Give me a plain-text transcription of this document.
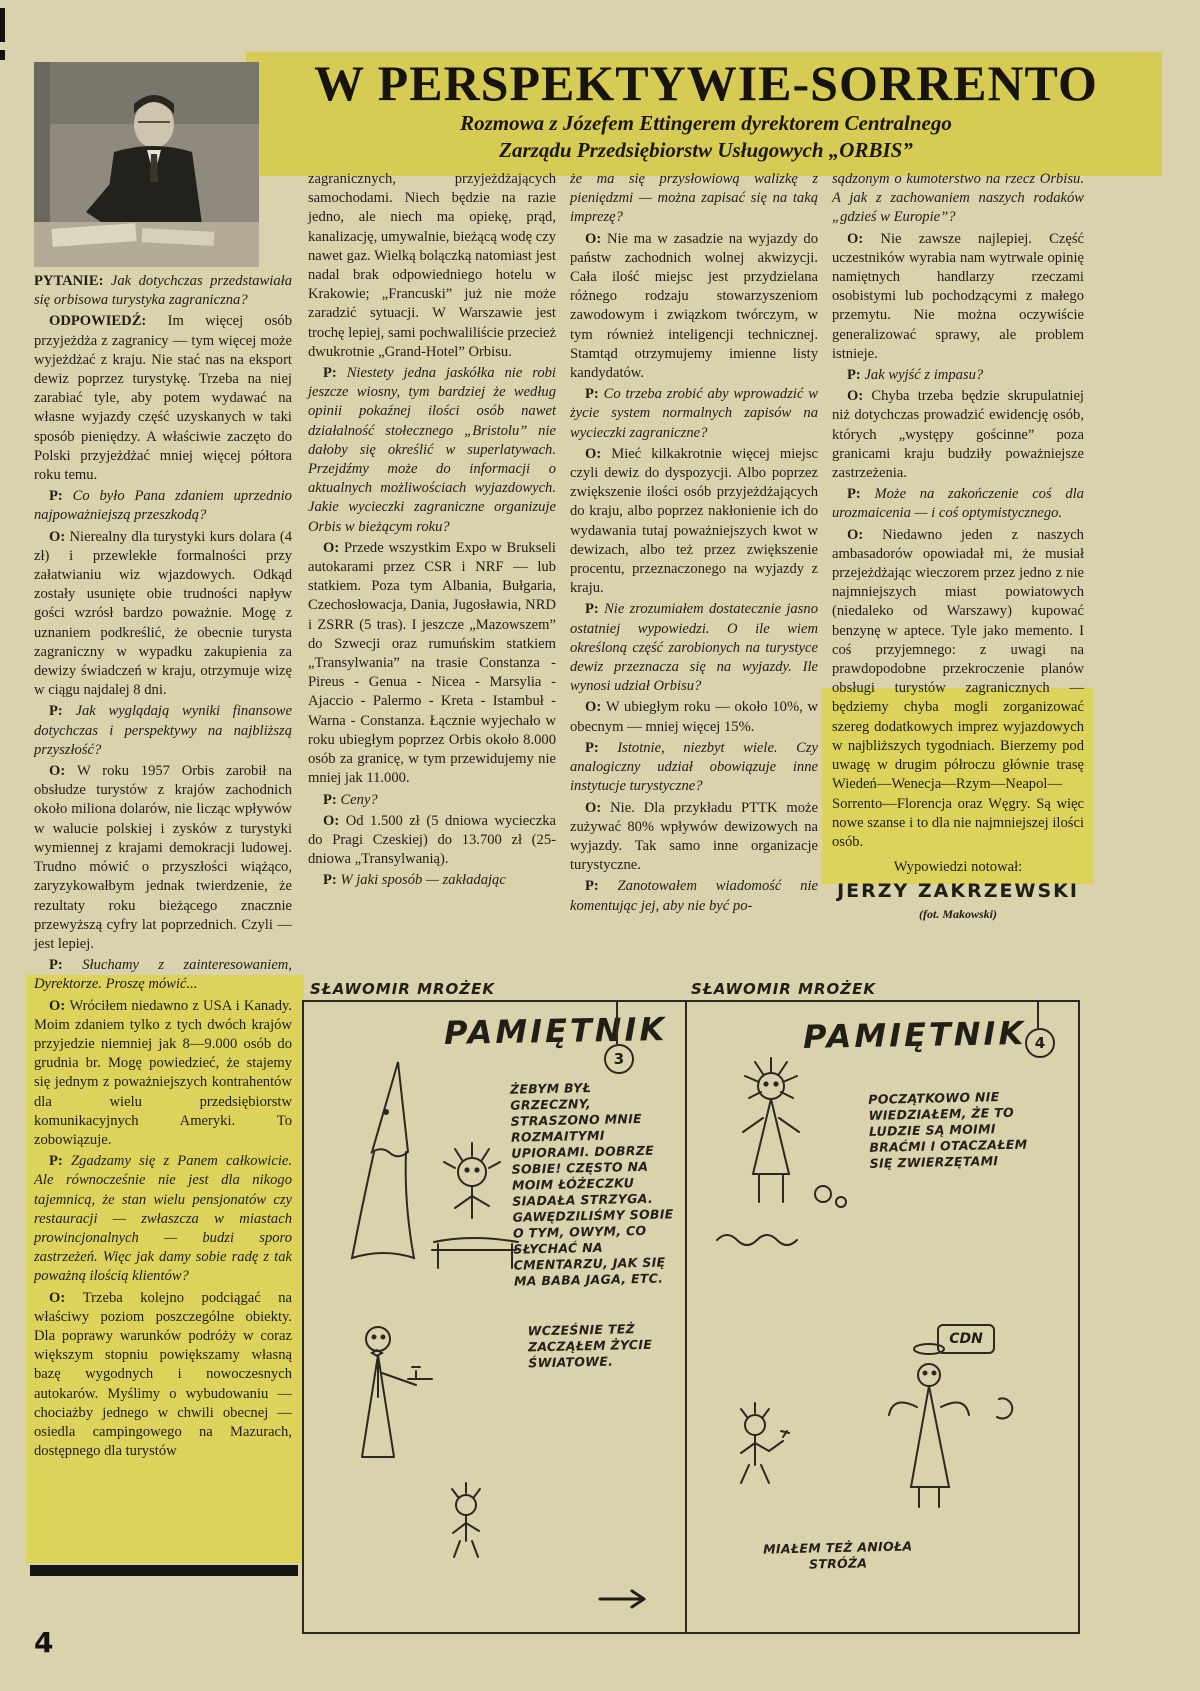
W PERSPEKTYWIE-SORRENTO
Rozmowa z Józefem Ettingerem dyrektorem Centralnego
Zarządu Przedsiębiorstw Usługowych „ORBIS”

PYTANIE: Jak dotychczas przedstawiała się orbisowa turystyka zagraniczna?

ODPOWIEDŹ: Im więcej osób przyjeżdża z zagranicy — tym więcej może wyjeżdżać z kraju. Nie stać nas na eksport dewiz poprzez turystykę. Trzeba na niej zarabiać tyle, aby potem wydawać na własne wyjazdy część uzyskanych w taki sposób pieniędzy. A właściwie zaczęto do Polski przyjeżdżać mniej więcej półtora roku temu.

P: Co było Pana zdaniem uprzednio najpoważniejszą przeszkodą?

O: Nierealny dla turystyki kurs dolara (4 zł) i przewlekłe formalności przy załatwianiu wiz wjazdowych. Odkąd zostały usunięte obie trudności napływ gości wzrósł bardzo poważnie. Mogę z uznaniem podkreślić, że obecnie turysta zagraniczny w wypadku zakupienia za dewizy świadczeń w kraju, otrzymuje wizę w ciągu najdalej 8 dni.

P: Jak wyglądają wyniki finansowe dotychczas i perspektywy na najbliższą przyszłość?

O: W roku 1957 Orbis zarobił na obsłudze turystów z krajów zachodnich około miliona dolarów, nie licząc wpływów w walucie polskiej i zysków z turystyki wymiennej z krajami demokracji ludowej. Trudno mówić o przyszłości wiążąco, zaryzykowałbym jednak twierdzenie, że rezultaty roku bieżącego znacznie przewyższą cyfry lat poprzednich. Czyli — jest lepiej.

P: Słuchamy z zainteresowaniem, Dyrektorze. Proszę mówić...

O: Wróciłem niedawno z USA i Kanady. Moim zdaniem tylko z tych dwóch krajów przyjedzie niemniej jak 8—9.000 osób do grudnia br. Mogę powiedzieć, że stajemy się jednym z poważniejszych kontrahentów dla wielu przedsiębiorstw komunikacyjnych Ameryki. To zobowiązuje.

P: Zgadzamy się z Panem całkowicie. Ale równocześnie nie jest dla nikogo tajemnicą, że stan wielu pensjonatów czy restauracji — zwłaszcza w miastach prowincjonalnych — budzi sporo zastrzeżeń. Więc jak damy sobie radę z tak poważną ilością klientów?

O: Trzeba kolejno podciągać na właściwy poziom poszczególne obiekty. Dla poprawy warunków podróży w coraz większym stopniu powiększamy własną bazę wygodnych i nowoczesnych autokarów. Myślimy o wybudowaniu — chociażby jednego w chwili obecnej — osiedla campingowego na Mazurach, dostępnego dla turystów

zagranicznych, przyjeżdżających samochodami. Niech będzie na razie jedno, ale niech ma opiekę, prąd, kanalizację, umywalnie, bieżącą wodę czy nawet gaz. Wielką bolączką natomiast jest nadal brak odpowiedniego hotelu w Krakowie; „Francuski” już nie może zaradzić sytuacji. W Warszawie jest trochę lepiej, sami pochwaliliście przecież dwukrotnie „Grand-Hotel” Orbisu.

P: Niestety jedna jaskółka nie robi jeszcze wiosny, tym bardziej że według opinii pokaźnej ilości osób nawet działalność stołecznego „Bristolu” nie dałoby się określić w superlatywach. Przejdźmy może do informacji o aktualnych możliwościach wyjazdowych. Jakie wycieczki zagraniczne organizuje Orbis w bieżącym roku?

O: Przede wszystkim Expo w Brukseli autokarami przez CSR i NRF — lub statkiem. Poza tym Albania, Bułgaria, Czechosłowacja, Dania, Jugosławia, NRD i ZSRR (5 tras). I jeszcze „Mazowszem” do Szwecji oraz rumuńskim statkiem „Transylwania” na trasie Constanza - Pireus - Genua - Nicea - Marsylia - Ajaccio - Palermo - Kreta - Istambuł - Warna - Constanza. Łącznie wyjechało w roku ubiegłym poprzez Orbis około 8.000 osób za granicę, w tym przewidujemy nie mniej jak 11.000.

P: Ceny?

O: Od 1.500 zł (5 dniowa wycieczka do Pragi Czeskiej) do 13.700 zł (25-dniowa „Transylwanią).

P: W jaki sposób — zakładając

że ma się przysłowiową walizkę z pieniędzmi — można zapisać się na taką imprezę?

O: Nie ma w zasadzie na wyjazdy do państw zachodnich wolnej akwizycji. Cała ilość miejsc jest przydzielana różnego rodzaju stowarzyszeniom zawodowym i związkom twórczym, w tym również inteligencji technicznej. Stamtąd otrzymujemy imienne listy kandydatów.

P: Co trzeba zrobić aby wprowadzić w życie system normalnych zapisów na wycieczki zagraniczne?

O: Mieć kilkakrotnie więcej miejsc czyli dewiz do dyspozycji. Albo poprzez zwiększenie ilości osób przyjeżdżających do kraju, albo poprzez nakłonienie ich do wydawania tutaj poważniejszych kwot w dewizach, albo też przez zwiększenie procentu, przeznaczonego na wyjazdy z kraju.

P: Nie zrozumiałem dostatecznie jasno ostatniej wypowiedzi. O ile wiem określoną część zarobionych na turystyce dewiz przeznacza się na wyjazdy. Ile wynosi udział Orbisu?

O: W ubiegłym roku — około 10%, w obecnym — mniej więcej 15%.

P: Istotnie, niezbyt wiele. Czy analogiczny udział obowiązuje inne instytucje turystyczne?

O: Nie. Dla przykładu PTTK może zużywać 80% wpływów dewizowych na wyjazdy. Tak samo inne organizacje turystyczne.

P: Zanotowałem wiadomość nie komentując jej, aby nie być po-

sądzonym o kumoterstwo na rzecz Orbisu. A jak z zachowaniem naszych rodaków „gdzieś w Europie”?

O: Nie zawsze najlepiej. Część uczestników wyrabia nam wytrwale opinię namiętnych handlarzy rzeczami osobistymi lub pochodzącymi z małego przemytu. Nie można oczywiście generalizować sprawy, ale problem istnieje.

P: Jak wyjść z impasu?

O: Chyba trzeba będzie skrupulatniej niż dotychczas prowadzić ewidencję osób, których „występy gościnne” poza granicami kraju budziły poważniejsze zastrzeżenia.

P: Może na zakończenie coś dla urozmaicenia — i coś optymistycznego.

O: Niedawno jeden z naszych ambasadorów opowiadał mi, że musiał przejeżdżając wieczorem przez jedno z nie najmniejszych miast powiatowych (niedaleko od Warszawy) kupować benzynę w aptece. Tyle jako memento. I coś przyjemnego: z uwagi na prawdopodobne przekroczenie planów obsługi turystów zagranicznych — będziemy chyba mogli zorganizować szereg dodatkowych imprez wyjazdowych w najbliższych tygodniach. Bierzemy pod uwagę w drugim półroczu głównie trasę Wiedeń—Wenecja—Rzym—Neapol—Sorrento—Florencja oraz Węgry. Są więc nowe szanse i to dla nie najmniejszej ilości osób.

Wypowiedzi notował:

JERZY ZAKRZEWSKI

(fot. Makowski)

4
SŁAWOMIR MROŻEK
PAMIĘTNIK
3
ŻEBYM BYŁ GRZECZNY, STRASZONO MNIE ROZMAITYMI UPIORAMI. DOBRZE SOBIE! CZĘSTO NA MOIM ŁÓŻECZKU SIADAŁA STRZYGA. GAWĘDZILIŚMY SOBIE O TYM, OWYM, CO SŁYCHAĆ NA CMENTARZU, JAK SIĘ MA BABA JAGA, ETC.
WCZEŚNIE TEŻ ZACZĄŁEM ŻYCIE ŚWIATOWE.
SŁAWOMIR MROŻEK
PAMIĘTNIK 4
POCZĄTKOWO NIE WIEDZIAŁEM, ŻE TO LUDZIE SĄ MOIMI BRAĆMI I OTACZAŁEM SIĘ ZWIERZĘTAMI
MIAŁEM TEŻ ANIOŁA STRÓŻA
CDN
